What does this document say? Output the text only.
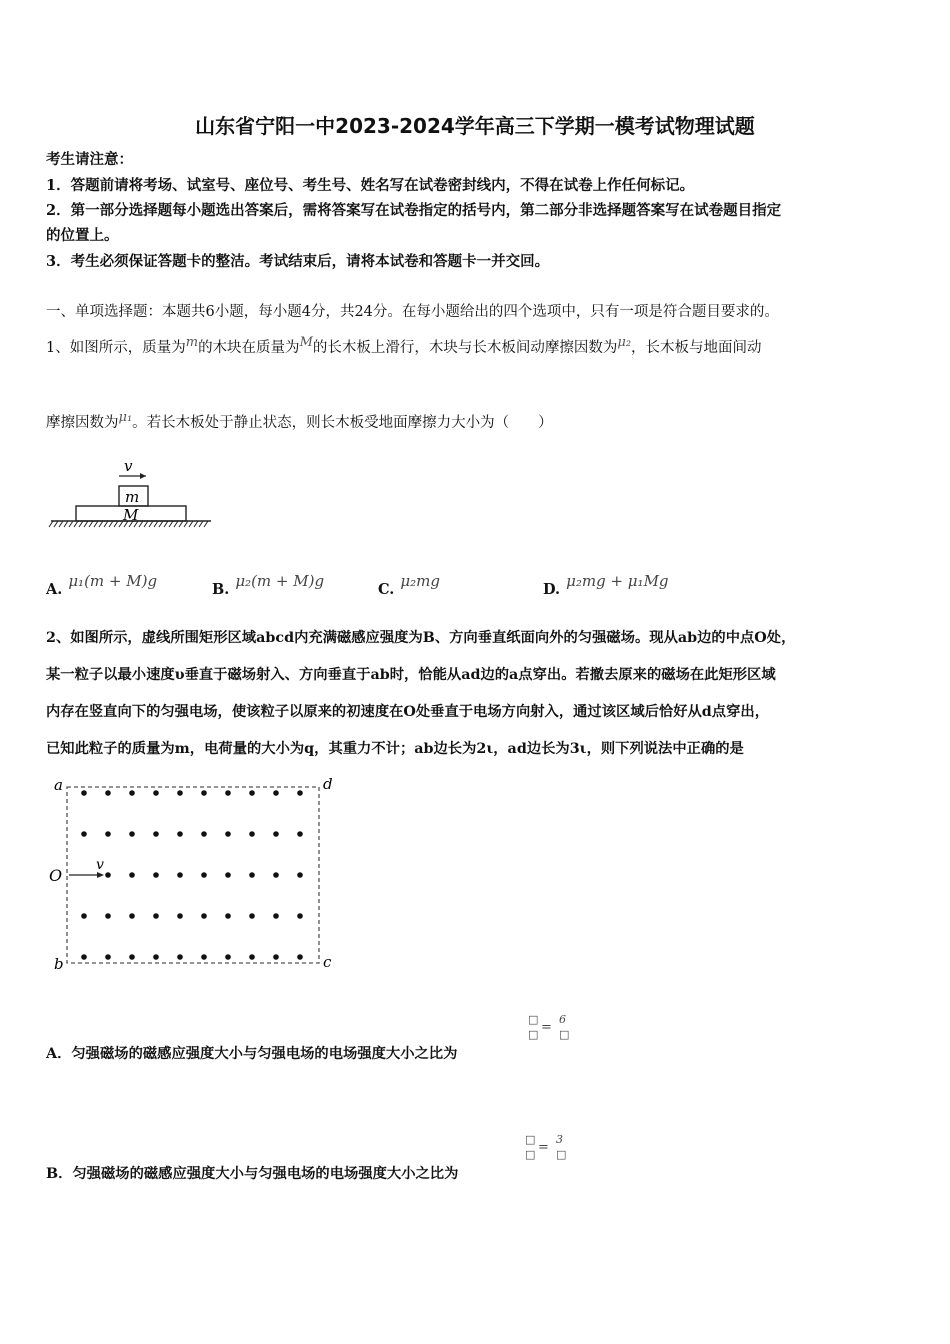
山东省宁阳一中2023-2024学年高三下学期一模考试物理试题
考生请注意：
1．答题前请将考场、试室号、座位号、考生号、姓名写在试卷密封线内，不得在试卷上作任何标记。
2．第一部分选择题每小题选出答案后，需将答案写在试卷指定的括号内，第二部分非选择题答案写在试卷题目指定
的位置上。
3．考生必须保证答题卡的整洁。考试结束后，请将本试卷和答题卡一并交回。
一、单项选择题：本题共6小题，每小题4分，共24分。在每小题给出的四个选项中，只有一项是符合题目要求的。
1、如图所示，质量为m的木块在质量为M的长木板上滑行，木块与长木板间动摩擦因数为μ₂，长木板与地面间动
摩擦因数为μ₁。若长木板处于静止状态，则长木板受地面摩擦力大小为（　　）
v
m
M
A. μ₁(m + M)g	B. μ₂(m + M)g	C. μ₂mg	D. μ₂mg + μ₁Mg
2、如图所示，虚线所围矩形区域abcd内充满磁感应强度为B、方向垂直纸面向外的匀强磁场。现从ab边的中点O处，
某一粒子以最小速度υ垂直于磁场射入、方向垂直于ab时，恰能从ad边的a点穿出。若撤去原来的磁场在此矩形区域
内存在竖直向下的匀强电场，使该粒子以原来的初速度在O处垂直于电场方向射入，通过该区域后恰好从d点穿出，
已知此粒子的质量为m，电荷量的大小为q，其重力不计；ab边长为2ι，ad边长为3ι，则下列说法中正确的是
a	d
b	c
O
v
A．匀强磁场的磁感应强度大小与匀强电场的电场强度大小之比为
□
□ =
6
□
B．匀强磁场的磁感应强度大小与匀强电场的电场强度大小之比为
□
□ =
3
□
